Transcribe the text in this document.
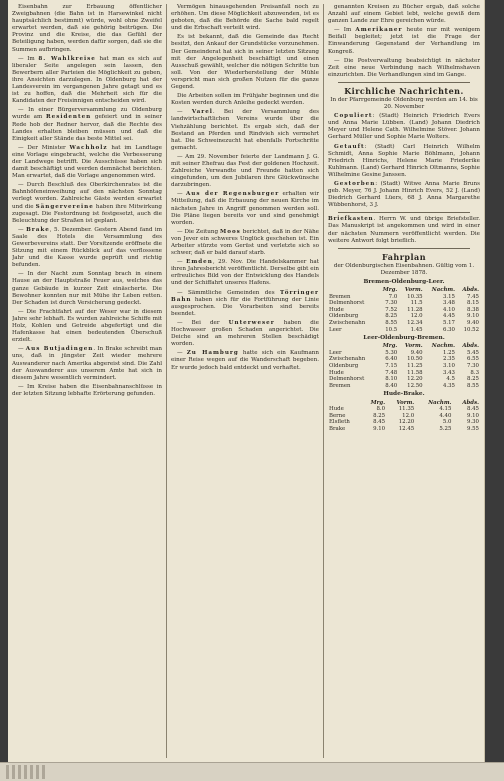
Eisenbahn zur Erbauung öffentlicher Zweigbahnen (die Bahn ist in Harsewinkel nicht hauptsächlich bestimmt) würde, wohl ohne Zweifel erwartet werden, daß sie gehörig beitrügen. Die Provinz und die Kreise, die das Gefühl der Beteiligung haben, werden dafür sorgen, daß sie die Summen aufbringen.

— Im 8. Wahlkreise hat man es sich auf liberaler Seite angelegen sein lassen, den Bewerbern aller Parteien die Möglichkeit zu geben, ihre Ansichten darzulegen. In Oldenburg hat der Landesverein im vergangenen Jahre getagt und es ist zu hoffen, daß die Mehrheit sich für die Kandidaten der Freisinnigen entscheiden wird.

— In einer Bürgerversammlung zu Oldenburg wurde am Residenten gefeiert und in seiner Rede hob der Redner hervor, daß die Rechte des Landes erhalten bleiben müssen und daß die Einigkeit aller Stände das beste Mittel sei.

— Der Minister Wachholz hat im Landtage eine Vorlage eingebracht, welche die Verbesserung der Landwege betrifft. Die Ausschüsse haben sich damit beschäftigt und werden demnächst berichten. Man erwartet, daß die Vorlage angenommen wird.

— Durch Beschluß des Oberkirchenrates ist die Bahnhöfeneinweihung auf den nächsten Sonntag verlegt worden. Zahlreiche Gäste werden erwartet und die Sängervereine haben ihre Mitwirkung zugesagt. Die Festordnung ist festgesetzt, auch die Beleuchtung der Straßen ist geplant.

— Brake, 5. Dezember. Gestern Abend fand im Saale des Hotels die Versammlung des Gewerbevereins statt. Der Vorsitzende eröffnete die Sitzung mit einem Rückblick auf das verflossene Jahr und die Kasse wurde geprüft und richtig befunden.

— In der Nacht zum Sonntag brach in einem Hause an der Hauptstraße Feuer aus, welches das ganze Gebäude in kurzer Zeit einäscherte. Die Bewohner konnten nur mit Mühe ihr Leben retten. Der Schaden ist durch Versicherung gedeckt.

— Die Frachtfahrt auf der Weser war in diesem Jahre sehr lebhaft. Es wurden zahlreiche Schiffe mit Holz, Kohlen und Getreide abgefertigt und die Hafenkasse hat einen bedeutenden Überschuß erzielt.

— Aus Butjadingen. In Brake schreibt man uns, daß in jüngster Zeit wieder mehrere Auswanderer nach Amerika abgereist sind. Die Zahl der Auswanderer aus unserem Amte hat sich in diesem Jahre wesentlich vermindert.

— Im Kreise haben die Eisenbahnanschlüsse in der letzten Sitzung lebhafte Erörterung gefunden.

Vermögen hinausgehenden Preisanfall noch zu erhöhen. Um diese Möglichkeit abzuwenden, ist es geboten, daß die Behörde die Sache bald regelt und die Erbschaft verteilt wird.

Es ist bekannt, daß die Gemeinde das Recht besitzt, den Ankauf der Grundstücke vorzunehmen. Der Gemeinderat hat sich in seiner letzten Sitzung mit der Angelegenheit beschäftigt und einen Ausschuß gewählt, welcher die nötigen Schritte tun soll. Von der Wiederherstellung der Mühle verspricht man sich großen Nutzen für die ganze Gegend.

Die Arbeiten sollen im Frühjahr beginnen und die Kosten werden durch Anleihe gedeckt werden.

— Varel. Bei der Versammlung des landwirtschaftlichen Vereins wurde über die Viehzählung berichtet. Es ergab sich, daß der Bestand an Pferden und Rindvieh sich vermehrt hat. Die Schweinezucht hat ebenfalls Fortschritte gemacht.

— Am 29. November feierte der Landmann J. G. mit seiner Ehefrau das Fest der goldenen Hochzeit. Zahlreiche Verwandte und Freunde hatten sich eingefunden, um den Jubilaren ihre Glückwünsche darzubringen.

— Aus der Regensburger erhalten wir Mitteilung, daß die Erbauung der neuen Kirche im nächsten Jahre in Angriff genommen werden soll. Die Pläne liegen bereits vor und sind genehmigt worden.

— Die Zeitung Moos berichtet, daß in der Nähe von Jever ein schweres Unglück geschehen ist. Ein Arbeiter stürzte vom Gerüst und verletzte sich so schwer, daß er bald darauf starb.

— Emden, 29. Nov. Die Handelskammer hat ihren Jahresbericht veröffentlicht. Derselbe gibt ein erfreuliches Bild von der Entwicklung des Handels und der Schiffahrt unseres Hafens.

— Sämmtliche Gemeinden des Törringer Bahn haben sich für die Fortführung der Linie ausgesprochen. Die Vorarbeiten sind bereits beendet.

— Bei der Unterweser haben die Hochwasser großen Schaden angerichtet. Die Deiche sind an mehreren Stellen beschädigt worden.

— Zu Hamburg hatte sich ein Kaufmann einer Reise wegen auf die Wanderschaft begeben. Er wurde jedoch bald entdeckt und verhaftet.

genannten Kreisen zu Bücher ergab, daß solche Anzahl auf einem Gebiet lebt, welche gewiß dem ganzen Lande zur Ehre gereichen würde.

— Im Amerikaner heute nur mit wenigem Beifall begleitet; jetzt ist die Frage der Einwanderung Gegenstand der Verhandlung im Kongreß.

— Die Postverwaltung beabsichtigt in nächster Zeit eine neue Verbindung nach Wilhelmshaven einzurichten. Die Verhandlungen sind im Gange.

Kirchliche Nachrichten.

In der Pfarrgemeinde Oldenburg werden am 14. bis 20. November

Copuliert: (Stadt) Heinrich Friedrich Evers und Anna Marie Lübben. (Land) Johann Diedrich Meyer und Helene Cath. Wilhelmine Stöver. Johann Gerhard Müller und Sophie Marie Wolters.

Getauft: (Stadt) Carl Heinrich Wilhelm Schmidt, Anna Sophie Marie Böhlmann, Johann Friedrich Hinrichs, Helene Marie Friederike Kuhlmann. (Land) Gerhard Hinrich Oltmanns, Sophie Wilhelmine Gesine Janssen.

Gestorben: (Stadt) Witwe Anna Marie Bruns geb. Meyer, 76 J. Johann Hinrich Evers, 52 J. (Land) Diedrich Gerhard Lüers, 68 J. Anna Margarethe Wübbenhorst, 3 J.

Briefkasten. Herrn W. und übrige Briefsteller. Das Manuskript ist angekommen und wird in einer der nächsten Nummern veröffentlicht werden. Die weitere Antwort folgt brieflich.

Fahrplan

der Oldenburgischen Eisenbahnen. Gültig vom 1. Dezember 1878.

Bremen-Oldenburg-Leer.

	Mrg.	Vorm.	Nachm.	Abds.
Bremen	7.0	10.35	3.15	7.45
Delmenhorst	7.30	11.5	3.48	8.15
Hude	7.52	11.28	4.10	8.38
Oldenburg	8.25	12.0	4.45	9.10
Zwischenahn	8.55	12.34	5.17	9.40
Leer	10.5	1.45	6.30	10.52

Leer-Oldenburg-Bremen.

	Mrg.	Vorm.	Nachm.	Abds.
Leer	5.30	9.40	1.25	5.45
Zwischenahn	6.40	10.50	2.35	6.55
Oldenburg	7.15	11.25	3.10	7.30
Hude	7.48	11.58	3.43	8.3
Delmenhorst	8.10	12.20	4.5	8.25
Bremen	8.40	12.50	4.35	8.55

Hude-Brake.

	Mrg.	Vorm.	Nachm.	Abds.
Hude	8.0	11.35	4.15	8.45
Berne	8.25	12.0	4.40	9.10
Elsfleth	8.45	12.20	5.0	9.30
Brake	9.10	12.45	5.25	9.55
